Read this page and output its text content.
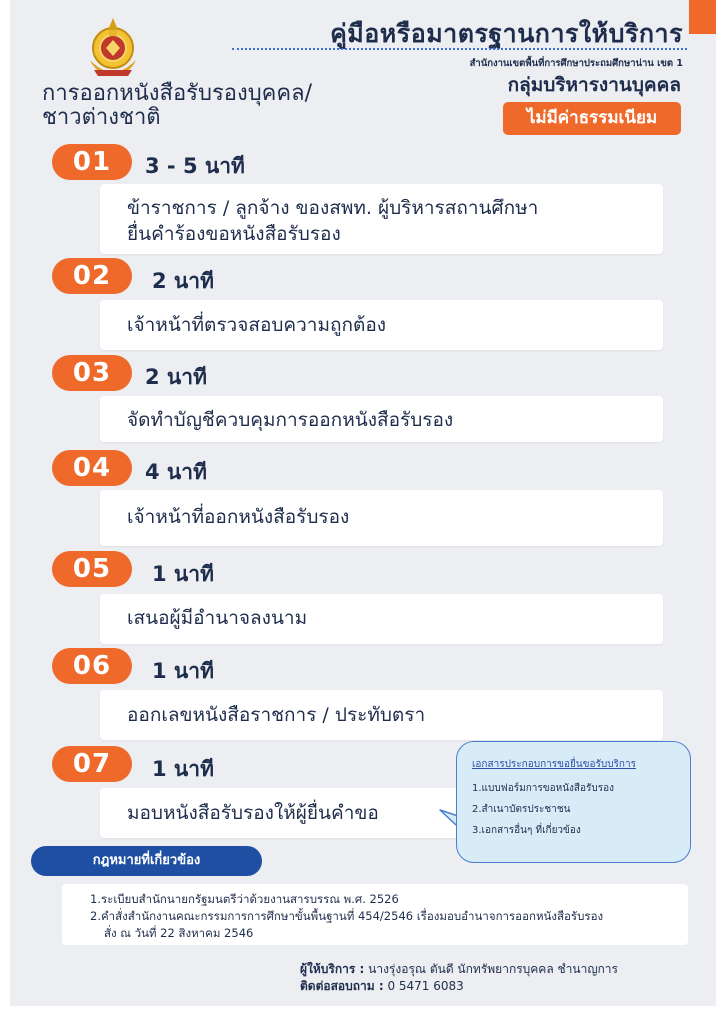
คู่มือหรือมาตรฐานการให้บริการ
สำนักงานเขตพื้นที่การศึกษาประถมศึกษาน่าน เขต 1
กลุ่มบริหารงานบุคคล
ไม่มีค่าธรรมเนียม
การออกหนังสือรับรองบุคคล/
ชาวต่างชาติ
ข้าราชการ / ลูกจ้าง ของสพท. ผู้บริหารสถานศึกษา
ยื่นคำร้องขอหนังสือรับรอง
01	3 - 5 นาที
เจ้าหน้าที่ตรวจสอบความถูกต้อง
02	2 นาที
จัดทำบัญชีควบคุมการออกหนังสือรับรอง
03	2 นาที
เจ้าหน้าที่ออกหนังสือรับรอง
04	4 นาที
เสนอผู้มีอำนาจลงนาม
05	1 นาที
ออกเลขหนังสือราชการ / ประทับตรา
06	1 นาที
มอบหนังสือรับรองให้ผู้ยื่นคำขอ
07	1 นาที	เอกสารประกอบการขอยื่นขอรับบริการ
1.แบบฟอร์มการขอหนังสือรับรอง
2.สำเนาบัตรประชาชน
3.เอกสารอื่นๆ ที่เกี่ยวข้อง
กฎหมายที่เกี่ยวข้อง
1.ระเบียบสำนักนายกรัฐมนตรีว่าด้วยงานสารบรรณ พ.ศ. 2526
2.คำสั่งสำนักงานคณะกรรมการการศึกษาขั้นพื้นฐานที่ 454/2546 เรื่องมอบอำนาจการออกหนังสือรับรอง
สั่ง ณ วันที่ 22 สิงหาคม 2546
ผู้ให้บริการ : นางรุ่งอรุณ ตันดี นักทรัพยากรบุคคล ชำนาญการ
ติดต่อสอบถาม : 0 5471 6083
